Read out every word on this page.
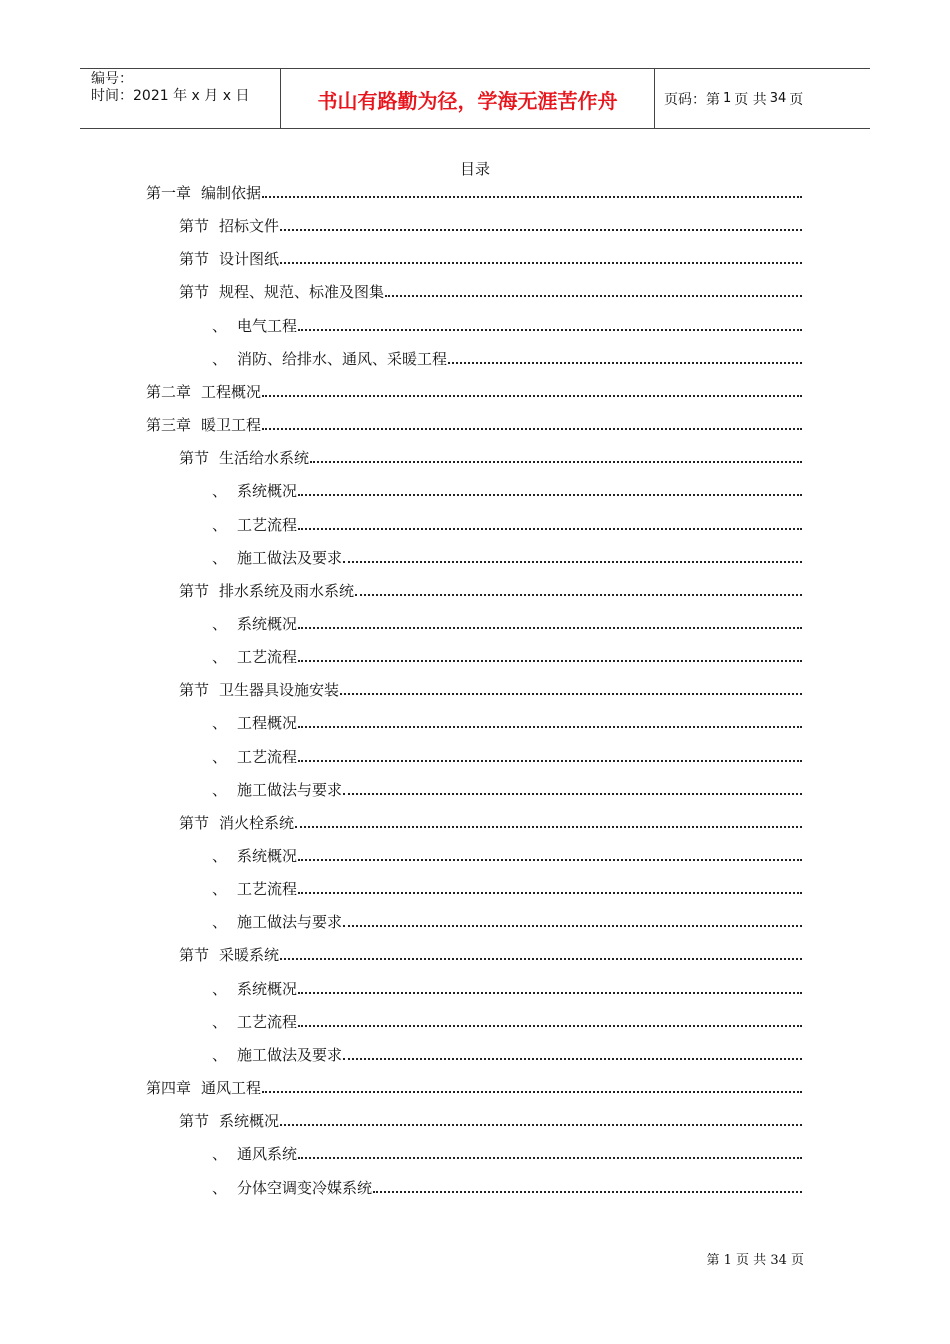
编号：
时间：2021 年 x 月 x 日	书山有路勤为径，学海无涯苦作舟	页码：第 1 页 共 34 页
目录
第一章 编制依据
第节 招标文件
第节 设计图纸
第节 规程、规范、标准及图集
、 电气工程
、 消防、给排水、通风、采暖工程
第二章 工程概况
第三章 暖卫工程
第节 生活给水系统
、 系统概况
、 工艺流程
、 施工做法及要求
第节 排水系统及雨水系统
、 系统概况
、 工艺流程
第节 卫生器具设施安装
、 工程概况
、 工艺流程
、 施工做法与要求
第节 消火栓系统
、 系统概况
、 工艺流程
、 施工做法与要求
第节 采暖系统
、 系统概况
、 工艺流程
、 施工做法及要求
第四章 通风工程
第节 系统概况
、 通风系统
、 分体空调变冷媒系统
第 1 页 共 34 页
